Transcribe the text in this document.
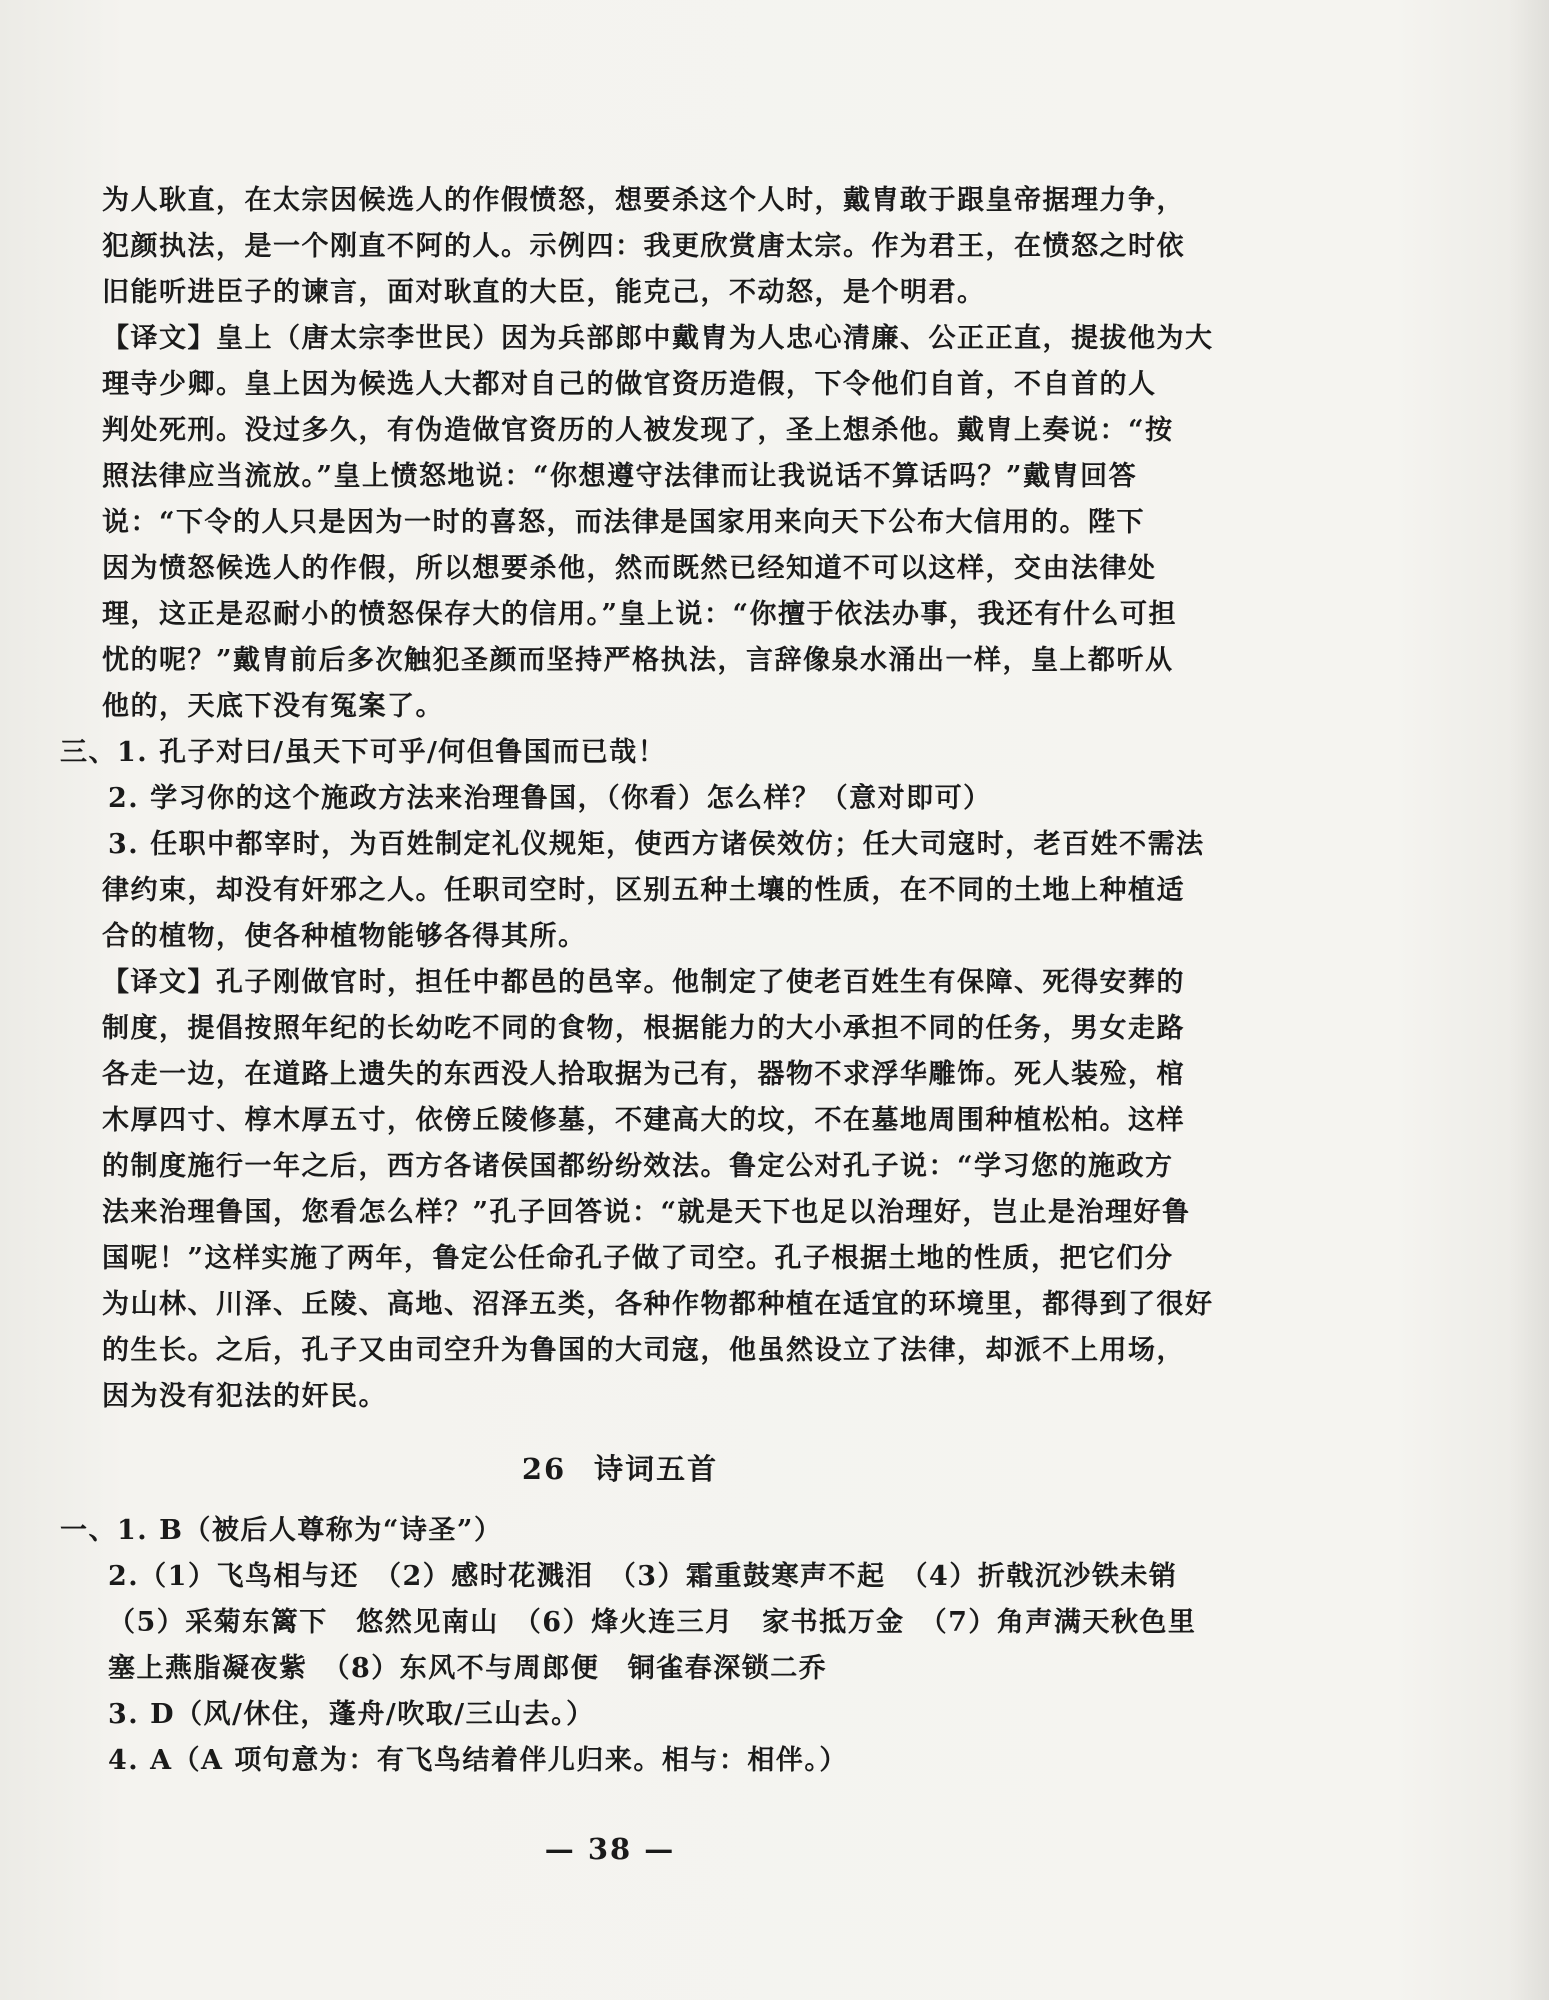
为人耿直，在太宗因候选人的作假愤怒，想要杀这个人时，戴胄敢于跟皇帝据理力争，

犯颜执法，是一个刚直不阿的人。示例四：我更欣赏唐太宗。作为君王，在愤怒之时依

旧能听进臣子的谏言，面对耿直的大臣，能克己，不动怒，是个明君。

【译文】皇上（唐太宗李世民）因为兵部郎中戴胄为人忠心清廉、公正正直，提拔他为大

理寺少卿。皇上因为候选人大都对自己的做官资历造假，下令他们自首，不自首的人

判处死刑。没过多久，有伪造做官资历的人被发现了，圣上想杀他。戴胄上奏说：“按

照法律应当流放。”皇上愤怒地说：“你想遵守法律而让我说话不算话吗？”戴胄回答

说：“下令的人只是因为一时的喜怒，而法律是国家用来向天下公布大信用的。陛下

因为愤怒候选人的作假，所以想要杀他，然而既然已经知道不可以这样，交由法律处

理，这正是忍耐小的愤怒保存大的信用。”皇上说：“你擅于依法办事，我还有什么可担

忧的呢？”戴胄前后多次触犯圣颜而坚持严格执法，言辞像泉水涌出一样，皇上都听从

他的，天底下没有冤案了。

三、1. 孔子对曰/虽天下可乎/何但鲁国而已哉！

2. 学习你的这个施政方法来治理鲁国，（你看）怎么样？（意对即可）

3. 任职中都宰时，为百姓制定礼仪规矩，使西方诸侯效仿；任大司寇时，老百姓不需法

律约束，却没有奸邪之人。任职司空时，区别五种土壤的性质，在不同的土地上种植适

合的植物，使各种植物能够各得其所。

【译文】孔子刚做官时，担任中都邑的邑宰。他制定了使老百姓生有保障、死得安葬的

制度，提倡按照年纪的长幼吃不同的食物，根据能力的大小承担不同的任务，男女走路

各走一边，在道路上遗失的东西没人拾取据为己有，器物不求浮华雕饰。死人装殓，棺

木厚四寸、椁木厚五寸，依傍丘陵修墓，不建高大的坟，不在墓地周围种植松柏。这样

的制度施行一年之后，西方各诸侯国都纷纷效法。鲁定公对孔子说：“学习您的施政方

法来治理鲁国，您看怎么样？”孔子回答说：“就是天下也足以治理好，岂止是治理好鲁

国呢！”这样实施了两年，鲁定公任命孔子做了司空。孔子根据土地的性质，把它们分

为山林、川泽、丘陵、高地、沼泽五类，各种作物都种植在适宜的环境里，都得到了很好

的生长。之后，孔子又由司空升为鲁国的大司寇，他虽然设立了法律，却派不上用场，

因为没有犯法的奸民。

26 诗词五首

一、1. B（被后人尊称为“诗圣”）

2.（1）飞鸟相与还　（2）感时花溅泪　（3）霜重鼓寒声不起　（4）折戟沉沙铁未销

（5）采菊东篱下　悠然见南山　（6）烽火连三月　家书抵万金　（7）角声满天秋色里

塞上燕脂凝夜紫　（8）东风不与周郎便　铜雀春深锁二乔

3. D（风/休住，蓬舟/吹取/三山去。）

4. A（A 项句意为：有飞鸟结着伴儿归来。相与：相伴。）

— 38 —
